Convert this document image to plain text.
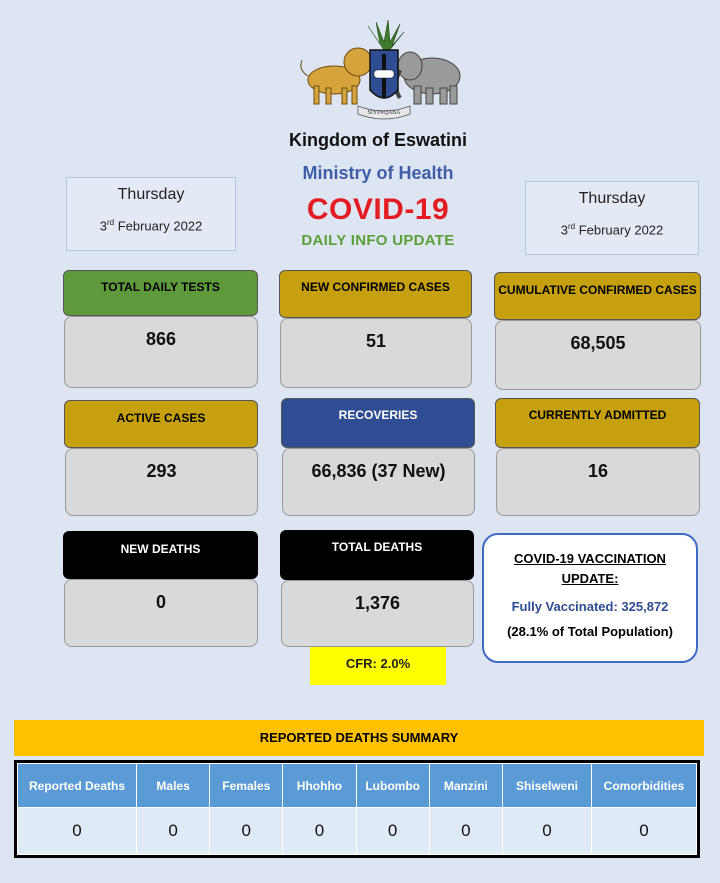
SIYINQABA
Kingdom of Eswatini
Ministry of Health
COVID-19
DAILY INFO UPDATE
Thursday
3rd February 2022
Thursday
3rd February 2022
TOTAL DAILY TESTS
866
NEW CONFIRMED CASES
51
CUMULATIVE CONFIRMED CASES
68,505
ACTIVE CASES
293
RECOVERIES
66,836 (37 New)
CURRENTLY ADMITTED
16
NEW DEATHS
0
TOTAL DEATHS
1,376
COVID-19 VACCINATION
UPDATE:
Fully Vaccinated: 325,872
(28.1% of Total Population)
CFR: 2.0%
REPORTED DEATHS SUMMARY
Reported Deaths	Males	Females	Hhohho	Lubombo	Manzini	Shiselweni	Comorbidities
0	0	0	0	0	0	0	0
